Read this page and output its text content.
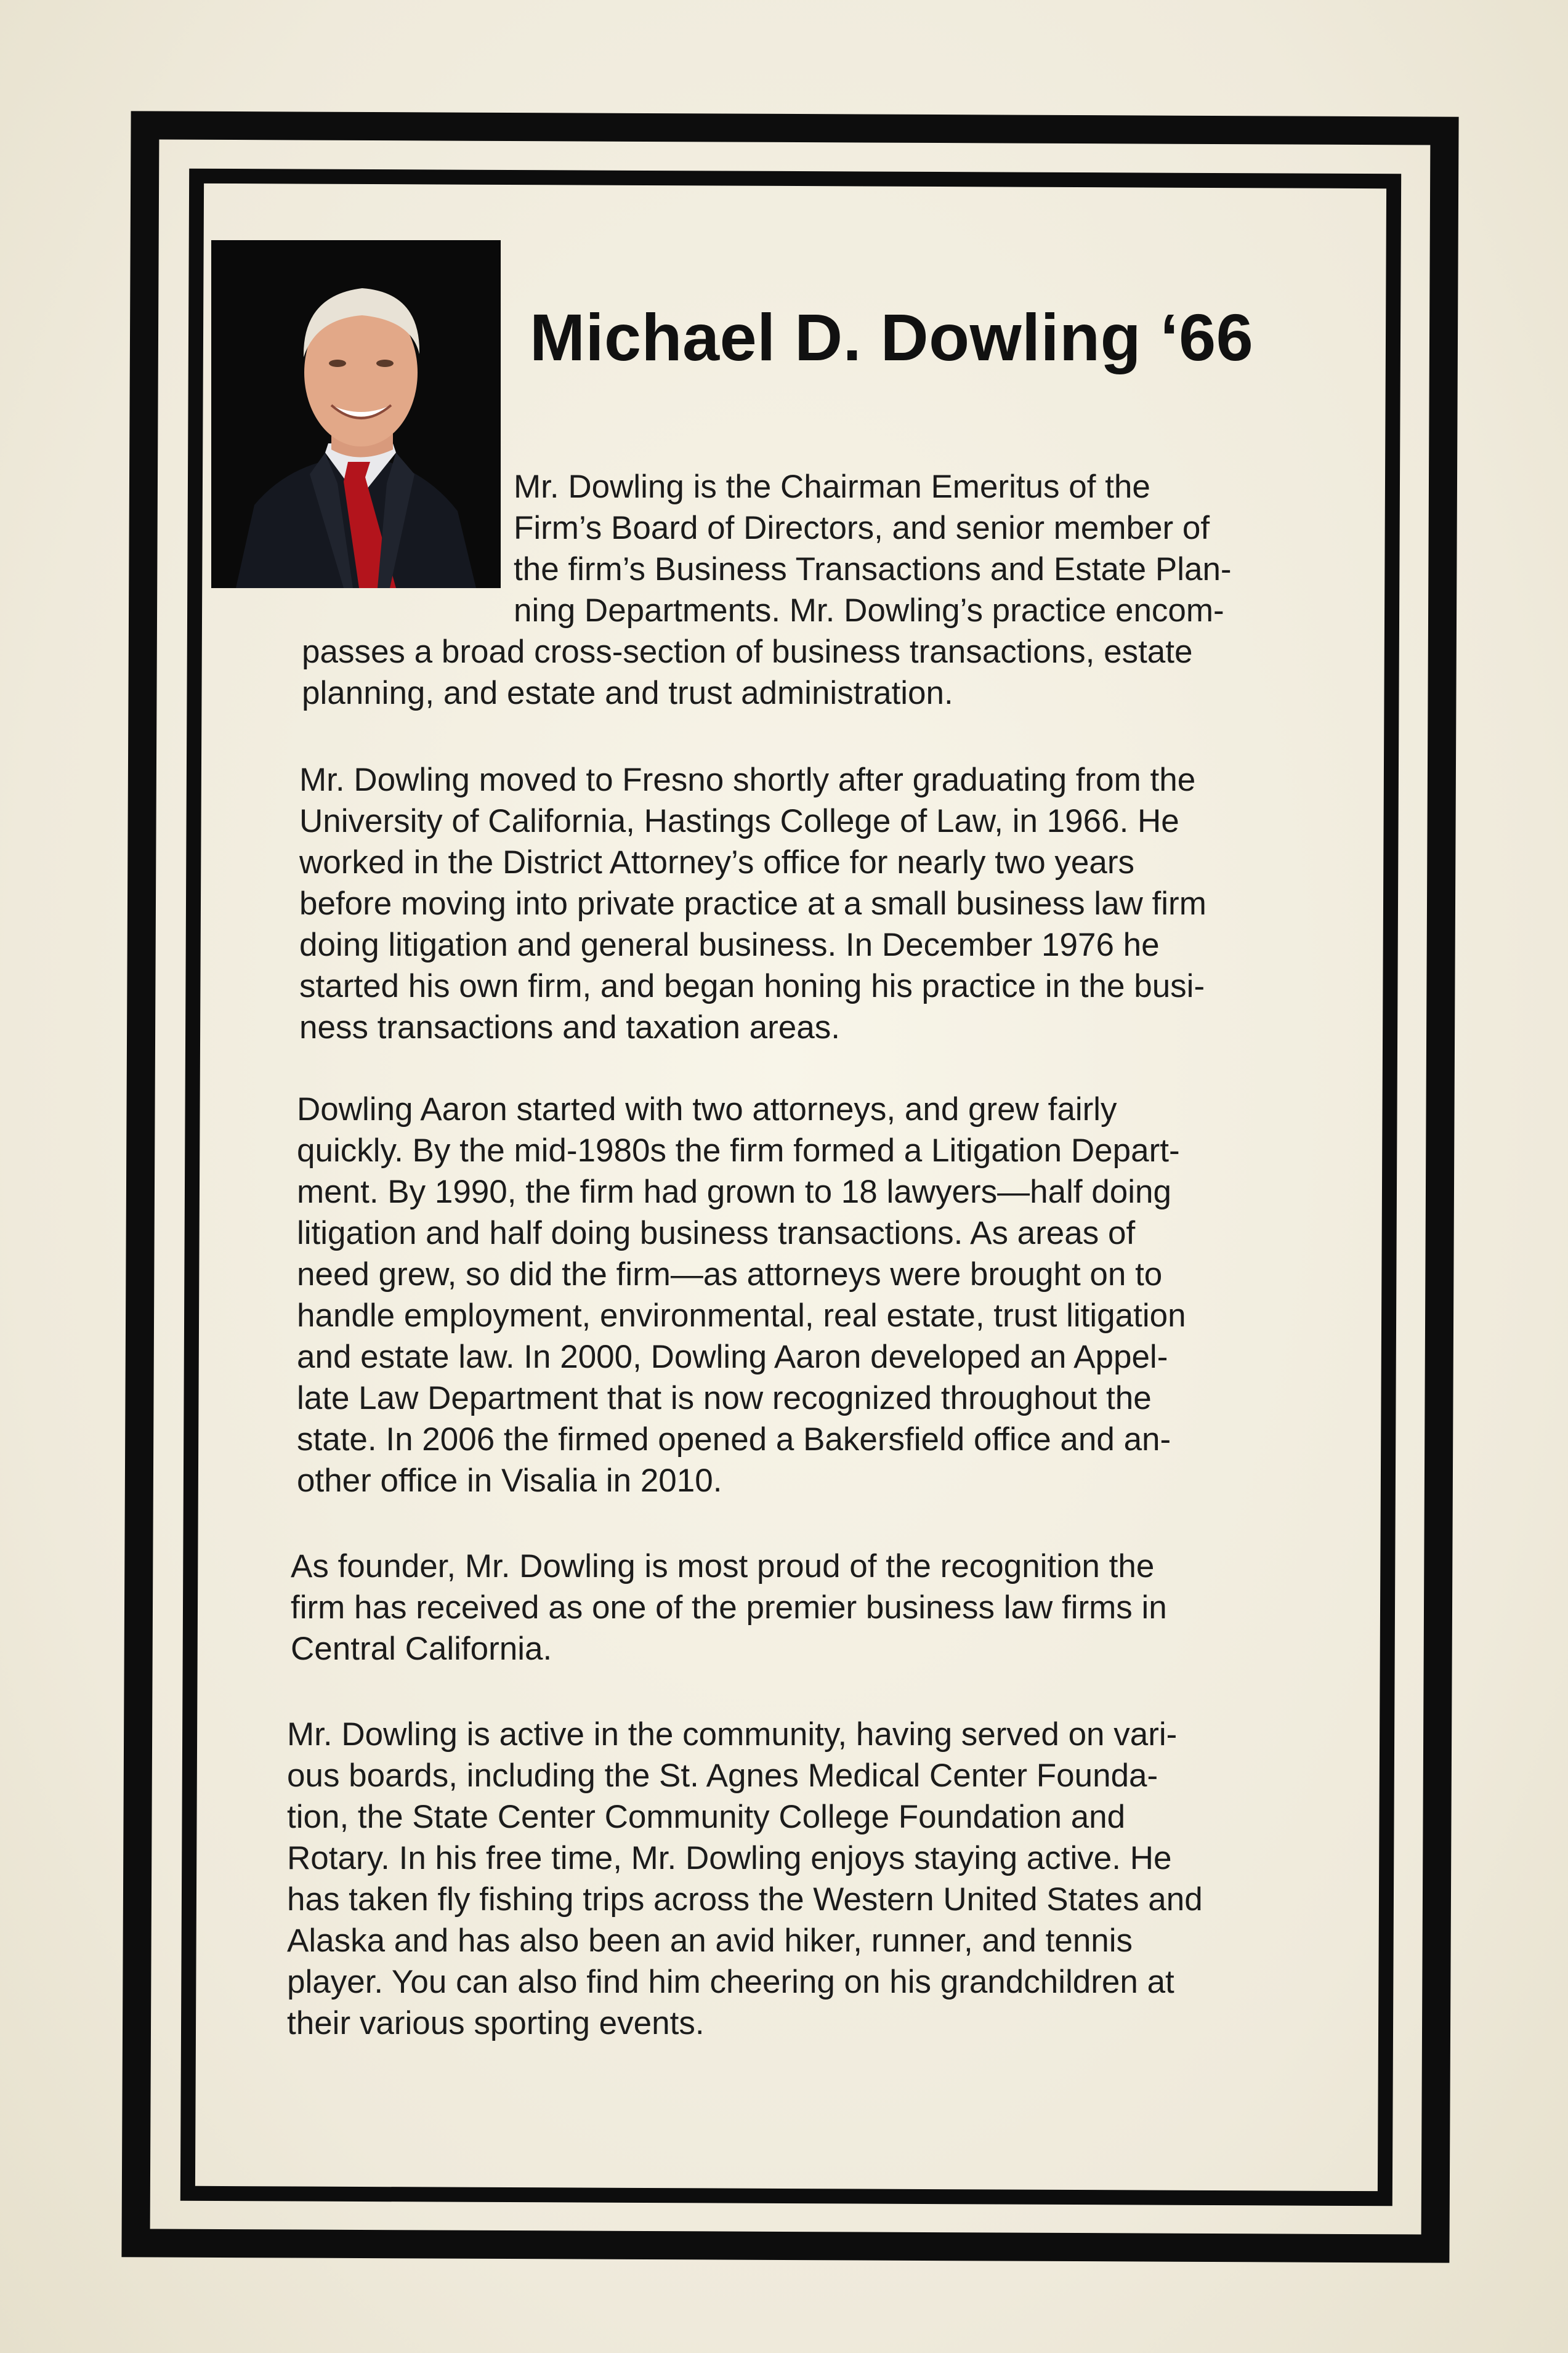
Michael D. Dowling ‘66
Mr. Dowling is the Chairman Emeritus of the
Firm’s Board of Directors, and senior member of
the firm’s Business Transactions and Estate Plan-
ning Departments. Mr. Dowling’s practice encom-
passes a broad cross-section of business transactions, estate
planning, and estate and trust administration.
Mr. Dowling moved to Fresno shortly after graduating from the
University of California, Hastings College of Law, in 1966. He
worked in the District Attorney’s office for nearly two years
before moving into private practice at a small business law firm
doing litigation and general business. In December 1976 he
started his own firm, and began honing his practice in the busi-
ness transactions and taxation areas.
Dowling Aaron started with two attorneys, and grew fairly
quickly. By the mid-1980s the firm formed a Litigation Depart-
ment. By 1990, the firm had grown to 18 lawyers—half doing
litigation and half doing business transactions. As areas of
need grew, so did the firm—as attorneys were brought on to
handle employment, environmental, real estate, trust litigation
and estate law. In 2000, Dowling Aaron developed an Appel-
late Law Department that is now recognized throughout the
state. In 2006 the firmed opened a Bakersfield office and an-
other office in Visalia in 2010.
As founder, Mr. Dowling is most proud of the recognition the
firm has received as one of the premier business law firms in
Central California.
Mr. Dowling is active in the community, having served on vari-
ous boards, including the St. Agnes Medical Center Founda-
tion, the State Center Community College Foundation and
Rotary. In his free time, Mr. Dowling enjoys staying active. He
has taken fly fishing trips across the Western United States and
Alaska and has also been an avid hiker, runner, and tennis
player. You can also find him cheering on his grandchildren at
their various sporting events.
